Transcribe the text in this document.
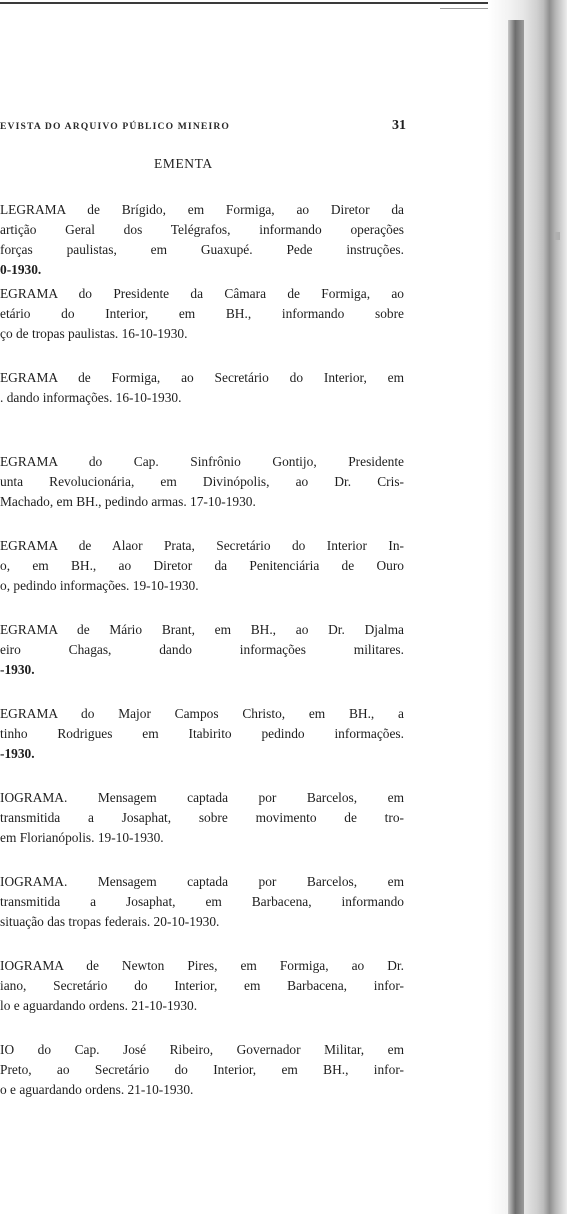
EVISTA DO ARQUIVO PÚBLICO MINEIRO	31
EMENTA
LEGRAMA de Brígido, em Formiga, ao Diretor da
artição Geral dos Telégrafos, informando operações
forças paulistas, em Guaxupé. Pede instruções.
0-1930.
EGRAMA do Presidente da Câmara de Formiga, ao
etário do Interior, em BH., informando sobre
ço de tropas paulistas. 16-10-1930.
EGRAMA de Formiga, ao Secretário do Interior, em
. dando informações. 16-10-1930.
EGRAMA do Cap. Sinfrônio Gontijo, Presidente
unta Revolucionária, em Divinópolis, ao Dr. Cris-
Machado, em BH., pedindo armas. 17-10-1930.
EGRAMA de Alaor Prata, Secretário do Interior In-
o, em BH., ao Diretor da Penitenciária de Ouro
o, pedindo informações. 19-10-1930.
EGRAMA de Mário Brant, em BH., ao Dr. Djalma
eiro Chagas, dando informações militares.
-1930.
EGRAMA do Major Campos Christo, em BH., a
tinho Rodrigues em Itabirito pedindo informações.
-1930.
IOGRAMA. Mensagem captada por Barcelos, em
transmitida a Josaphat, sobre movimento de tro-
em Florianópolis. 19-10-1930.
IOGRAMA. Mensagem captada por Barcelos, em
transmitida a Josaphat, em Barbacena, informando
situação das tropas federais. 20-10-1930.
IOGRAMA de Newton Pires, em Formiga, ao Dr.
iano, Secretário do Interior, em Barbacena, infor-
lo e aguardando ordens. 21-10-1930.
IO do Cap. José Ribeiro, Governador Militar, em
Preto, ao Secretário do Interior, em BH., infor-
o e aguardando ordens. 21-10-1930.
